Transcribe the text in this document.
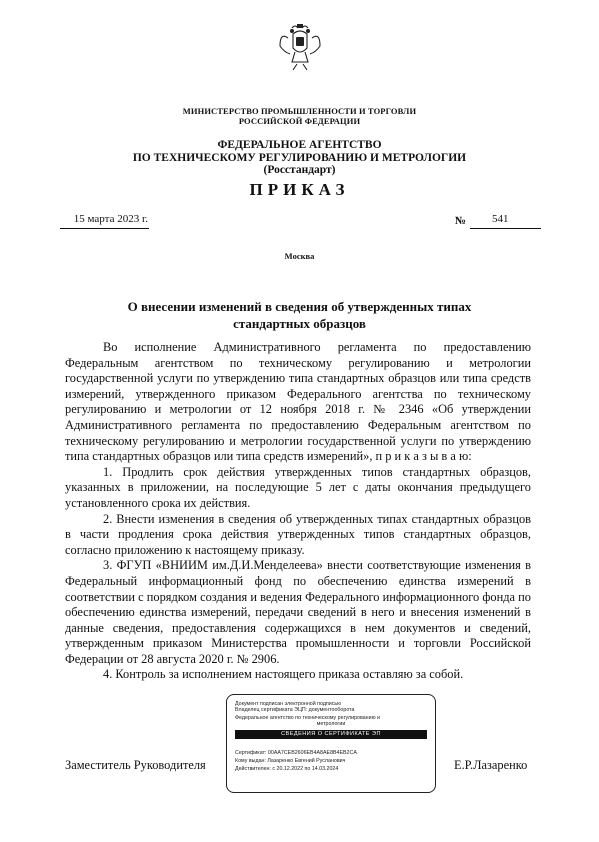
МИНИСТЕРСТВО ПРОМЫШЛЕННОСТИ И ТОРГОВЛИ
РОССИЙСКОЙ ФЕДЕРАЦИИ
ФЕДЕРАЛЬНОЕ АГЕНТСТВО
ПО ТЕХНИЧЕСКОМУ РЕГУЛИРОВАНИЮ И МЕТРОЛОГИИ
(Росстандарт)
ПРИКАЗ
15 марта 2023 г.	№	541
Москва
О внесении изменений в сведения об утвержденных типах
стандартных образцов

Во исполнение Административного регламента по предоставлению Федеральным агентством по техническому регулированию и метрологии государственной услуги по утверждению типа стандартных образцов или типа средств измерений, утвержденного приказом Федерального агентства по техническому регулированию и метрологии от 12 ноября 2018 г. № 2346 «Об утверждении Административного регламента по предоставлению Федеральным агентством по техническому регулированию и метрологии государственной услуги по утверждению типа стандартных образцов или типа средств измерений», п р и к а з ы в а ю:

1. Продлить срок действия утвержденных типов стандартных образцов, указанных в приложении, на последующие 5 лет с даты окончания предыдущего установленного срока их действия.

2. Внести изменения в сведения об утвержденных типах стандартных образцов в части продления срока действия утвержденных типов стандартных образцов, согласно приложению к настоящему приказу.

3. ФГУП «ВНИИМ им.Д.И.Менделеева» внести соответствующие изменения в Федеральный информационный фонд по обеспечению единства измерений в соответствии с порядком создания и ведения Федерального информационного фонда по обеспечению единства измерений, передачи сведений в него и внесения изменений в данные сведения, предоставления содержащихся в нем документов и сведений, утвержденным приказом Министерства промышленности и торговли Российской Федерации от 28 августа 2020 г. № 2906.

4. Контроль за исполнением настоящего приказа оставляю за собой.

Заместитель Руководителя	Е.Р.Лазаренко
Документ подписан электронной подписью
Владелец сертификата ЭЦП: документооборота
Федеральное агентство по техническому регулированию и
метрологии
СВЕДЕНИЯ О СЕРТИФИКАТЕ ЭП
Сертификат: 00AA7CEB2606EB4A8AE8B4EB2CA
Кому выдан: Лазаренко Евгений Русланович
Действителен: с 20.12.2022 по 14.03.2024
